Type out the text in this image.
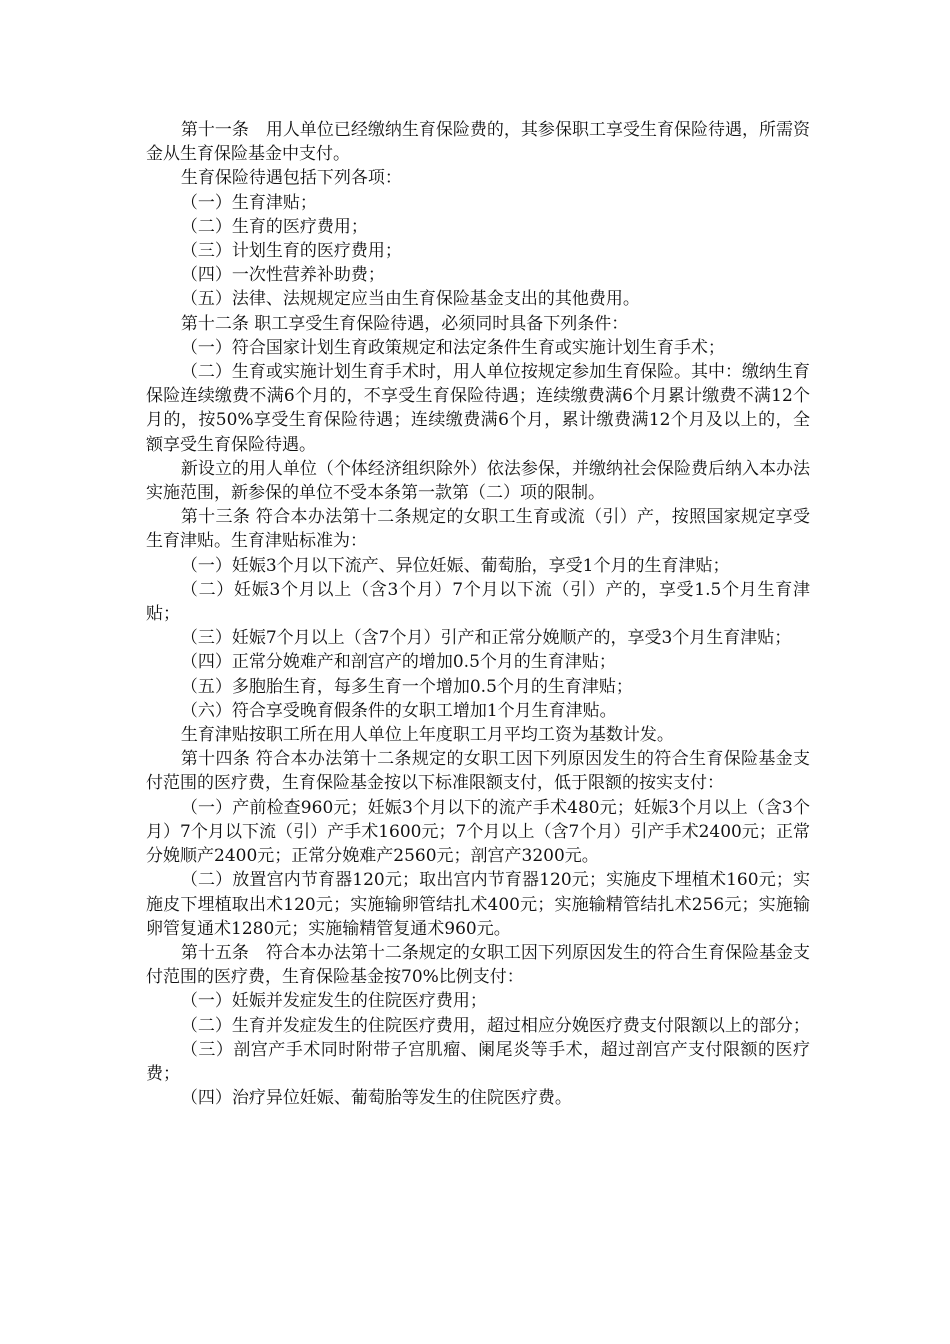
第十一条　用人单位已经缴纳生育保险费的，其参保职工享受生育保险待遇，所需资金从生育保险基金中支付。

生育保险待遇包括下列各项：

（一）生育津贴；

（二）生育的医疗费用；

（三）计划生育的医疗费用；

（四）一次性营养补助费；

（五）法律、法规规定应当由生育保险基金支出的其他费用。

第十二条 职工享受生育保险待遇，必须同时具备下列条件：

（一）符合国家计划生育政策规定和法定条件生育或实施计划生育手术；

（二）生育或实施计划生育手术时，用人单位按规定参加生育保险。其中：缴纳生育保险连续缴费不满6个月的，不享受生育保险待遇；连续缴费满6个月累计缴费不满12个月的，按50%享受生育保险待遇；连续缴费满6个月，累计缴费满12个月及以上的，全额享受生育保险待遇。

新设立的用人单位（个体经济组织除外）依法参保，并缴纳社会保险费后纳入本办法实施范围，新参保的单位不受本条第一款第（二）项的限制。

第十三条 符合本办法第十二条规定的女职工生育或流（引）产，按照国家规定享受生育津贴。生育津贴标准为：

（一）妊娠3个月以下流产、异位妊娠、葡萄胎，享受1个月的生育津贴；

（二）妊娠3个月以上（含3个月）7个月以下流（引）产的，享受1.5个月生育津贴；

（三）妊娠7个月以上（含7个月）引产和正常分娩顺产的，享受3个月生育津贴；

（四）正常分娩难产和剖宫产的增加0.5个月的生育津贴；

（五）多胞胎生育，每多生育一个增加0.5个月的生育津贴；

（六）符合享受晚育假条件的女职工增加1个月生育津贴。

生育津贴按职工所在用人单位上年度职工月平均工资为基数计发。

第十四条 符合本办法第十二条规定的女职工因下列原因发生的符合生育保险基金支付范围的医疗费，生育保险基金按以下标准限额支付，低于限额的按实支付：

（一）产前检查960元；妊娠3个月以下的流产手术480元；妊娠3个月以上（含3个月）7个月以下流（引）产手术1600元；7个月以上（含7个月）引产手术2400元；正常分娩顺产2400元；正常分娩难产2560元；剖宫产3200元。

（二）放置宫内节育器120元；取出宫内节育器120元；实施皮下埋植术160元；实施皮下埋植取出术120元；实施输卵管结扎术400元；实施输精管结扎术256元；实施输卵管复通术1280元；实施输精管复通术960元。

第十五条　符合本办法第十二条规定的女职工因下列原因发生的符合生育保险基金支付范围的医疗费，生育保险基金按70%比例支付：

（一）妊娠并发症发生的住院医疗费用；

（二）生育并发症发生的住院医疗费用，超过相应分娩医疗费支付限额以上的部分；

（三）剖宫产手术同时附带子宫肌瘤、阑尾炎等手术，超过剖宫产支付限额的医疗费；

（四）治疗异位妊娠、葡萄胎等发生的住院医疗费。
